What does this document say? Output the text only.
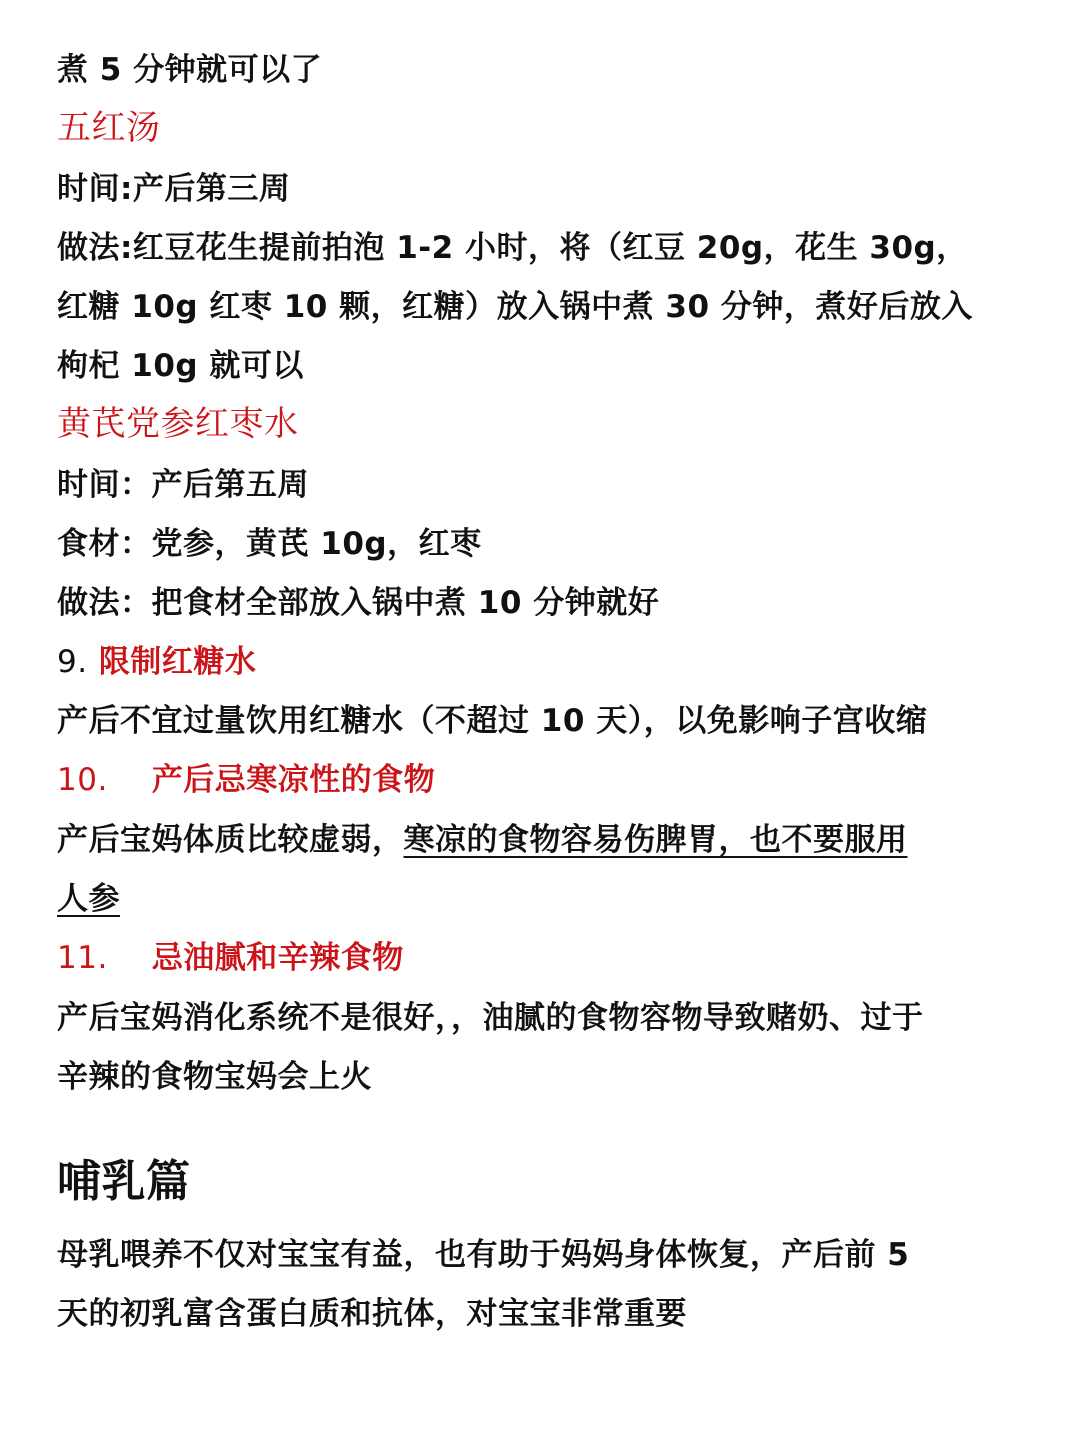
煮 5 分钟就可以了
五红汤
时间:产后第三周
做法:红豆花生提前拍泡 1-2 小时，将（红豆 20g，花生 30g，
红糖 10g 红枣 10 颗，红糖）放入锅中煮 30 分钟，煮好后放入
枸杞 10g 就可以
黄芪党参红枣水
时间：产后第五周
食材：党参，黄芪 10g，红枣
做法：把食材全部放入锅中煮 10 分钟就好
9. 限制红糖水
产后不宜过量饮用红糖水（不超过 10 天），以免影响子宫收缩
10. 产后忌寒凉性的食物
产后宝妈体质比较虚弱，寒凉的食物容易伤脾胃，也不要服用
人参
11. 忌油腻和辛辣食物
产后宝妈消化系统不是很好，，油腻的食物容物导致赌奶、过于
辛辣的食物宝妈会上火
哺乳篇
母乳喂养不仅对宝宝有益，也有助于妈妈身体恢复，产后前 5
天的初乳富含蛋白质和抗体，对宝宝非常重要
